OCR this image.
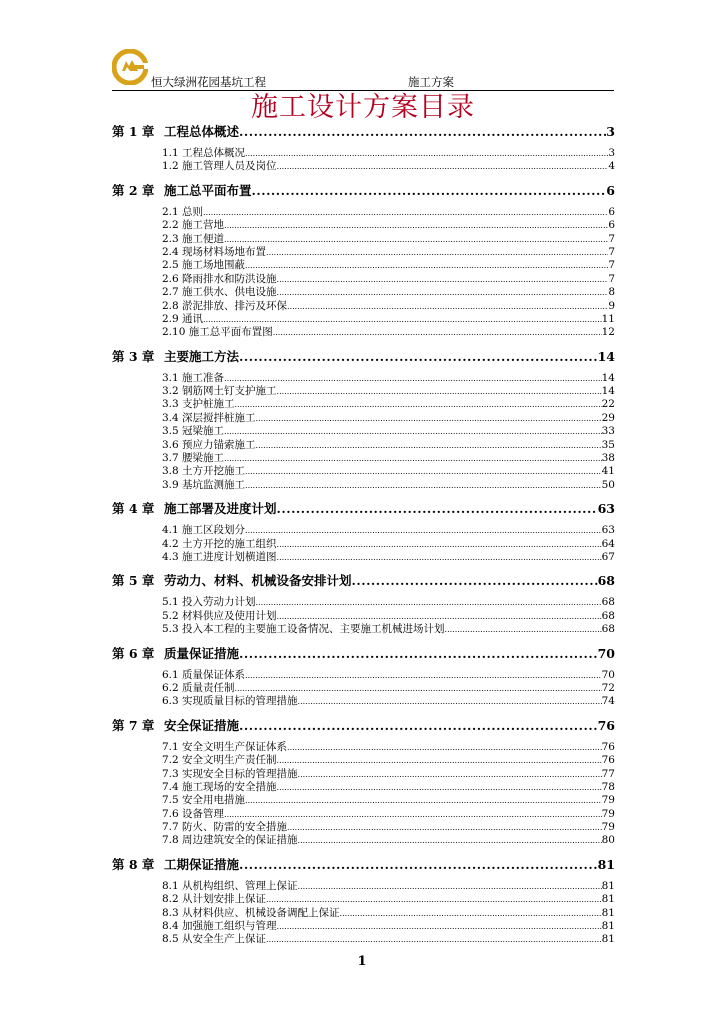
恒大绿洲花园基坑工程	施工方案
施工设计方案目录
第 1 章 工程总体概述 .....	3
1.1 工程总体概况 .....	3
1.2 施工管理人员及岗位 .....	4
第 2 章 施工总平面布置 .....	6
2.1 总则 .....	6
2.2 施工营地 .....	6
2.3 施工便道 .....	7
2.4 现场材料场地布置 .....	7
2.5 施工场地围蔽 .....	7
2.6 降雨排水和防洪设施 .....	7
2.7 施工供水、供电设施 .....	8
2.8 淤泥排放、排污及环保 .....	9
2.9 通讯 .....	11
2.10 施工总平面布置图 .....	12
第 3 章 主要施工方法 .....	14
3.1 施工准备 .....	14
3.2 钢筋网土钉支护施工 .....	14
3.3 支护桩施工 .....	22
3.4 深层搅拌桩施工 .....	29
3.5 冠梁施工 .....	33
3.6 预应力锚索施工 .....	35
3.7 腰梁施工 .....	38
3.8 土方开挖施工 .....	41
3.9 基坑监测施工 .....	50
第 4 章 施工部署及进度计划 .....	63
4.1 施工区段划分 .....	63
4.2 土方开挖的施工组织 .....	64
4.3 施工进度计划横道图 .....	67
第 5 章 劳动力、材料、机械设备安排计划 .....	68
5.1 投入劳动力计划 .....	68
5.2 材料供应及使用计划 .....	68
5.3 投入本工程的主要施工设备情况、主要施工机械进场计划 .....	68
第 6 章 质量保证措施 .....	70
6.1 质量保证体系 .....	70
6.2 质量责任制 .....	72
6.3 实现质量目标的管理措施 .....	74
第 7 章 安全保证措施 .....	76
7.1 安全文明生产保证体系 .....	76
7.2 安全文明生产责任制 .....	76
7.3 实现安全目标的管理措施 .....	77
7.4 施工现场的安全措施 .....	78
7.5 安全用电措施 .....	79
7.6 设备管理 .....	79
7.7 防火、防雷的安全措施 .....	79
7.8 周边建筑安全的保证措施 .....	80
第 8 章 工期保证措施 .....	81
8.1 从机构组织、管理上保证 .....	81
8.2 从计划安排上保证 .....	81
8.3 从材料供应、机械设备调配上保证 .....	81
8.4 加强施工组织与管理 .....	81
8.5 从安全生产上保证 .....	81
1
